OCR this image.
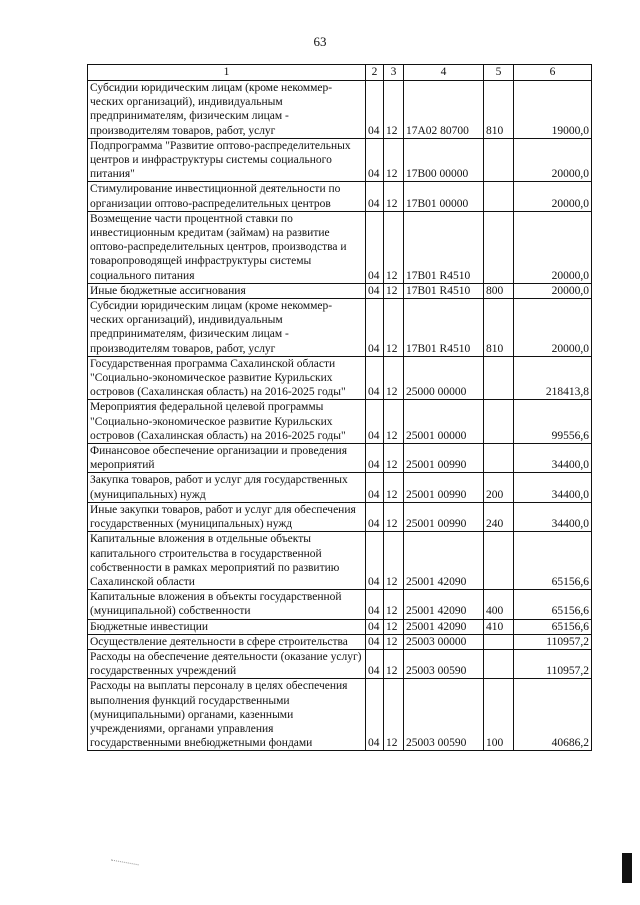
63
1	2	3	4	5	6
Субсидии юридическим лицам (кроме некоммер-ческих организаций), индивидуальным предпринимателям, физическим лицам - производителям товаров, работ, услуг	04	12	17А02 80700	810	19000,0
Подпрограмма "Развитие оптово-распределительных центров и инфраструктуры системы социального питания"	04	12	17В00 00000		20000,0
Стимулирование инвестиционной деятельности по организации оптово-распределительных центров	04	12	17В01 00000		20000,0
Возмещение части процентной ставки по инвестиционным кредитам (займам) на развитие оптово-распределительных центров, производства и товаропроводящей инфраструктуры системы социального питания	04	12	17В01 R4510		20000,0
Иные бюджетные ассигнования	04	12	17В01 R4510	800	20000,0
Субсидии юридическим лицам (кроме некоммер-ческих организаций), индивидуальным предпринимателям, физическим лицам - производителям товаров, работ, услуг	04	12	17В01 R4510	810	20000,0
Государственная программа Сахалинской области "Социально-экономическое развитие Курильских островов (Сахалинская область) на 2016-2025 годы"	04	12	25000 00000		218413,8
Мероприятия федеральной целевой программы "Социально-экономическое развитие Курильских островов (Сахалинская область) на 2016-2025 годы"	04	12	25001 00000		99556,6
Финансовое обеспечение организации и проведения мероприятий	04	12	25001 00990		34400,0
Закупка товаров, работ и услуг для государственных (муниципальных) нужд	04	12	25001 00990	200	34400,0
Иные закупки товаров, работ и услуг для обеспечения государственных (муниципальных) нужд	04	12	25001 00990	240	34400,0
Капитальные вложения в отдельные объекты капитального строительства в государственной собственности в рамках мероприятий по развитию Сахалинской области	04	12	25001 42090		65156,6
Капитальные вложения в объекты государственной (муниципальной) собственности	04	12	25001 42090	400	65156,6
Бюджетные инвестиции	04	12	25001 42090	410	65156,6
Осуществление деятельности в сфере строительства	04	12	25003 00000		110957,2
Расходы на обеспечение деятельности (оказание услуг) государственных учреждений	04	12	25003 00590		110957,2
Расходы на выплаты персоналу в целях обеспечения выполнения функций государственными (муниципальными) органами, казенными учреждениями, органами управления государственными внебюджетными фондами	04	12	25003 00590	100	40686,2
